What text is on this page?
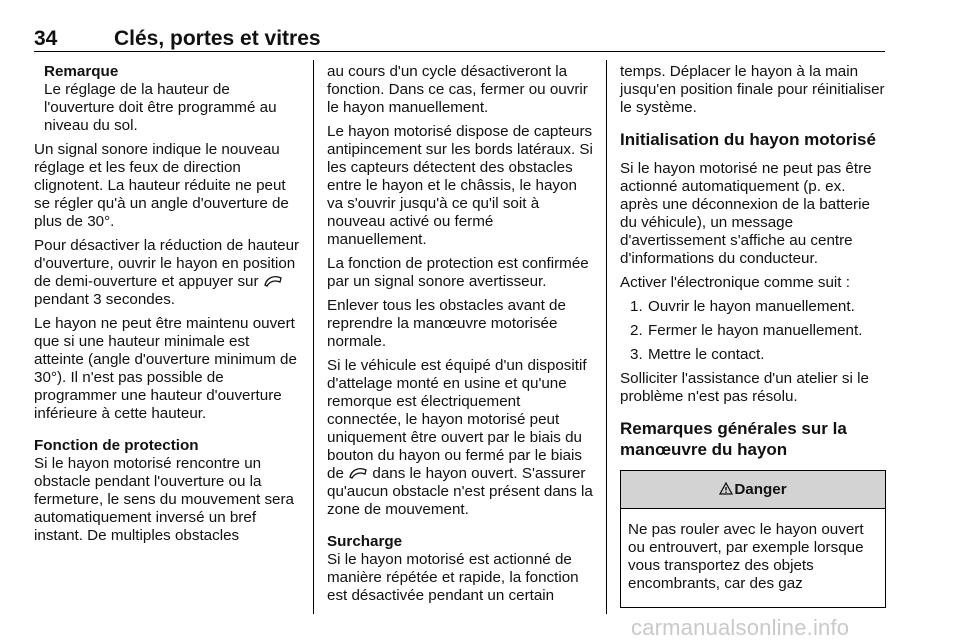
34	Clés, portes et vitres
Remarque
Le réglage de la hauteur de l'ouverture doit être programmé au niveau du sol.

Un signal sonore indique le nouveau réglage et les feux de direction clignotent. La hauteur réduite ne peut se régler qu'à un angle d'ouverture de plus de 30°.

Pour désactiver la réduction de hauteur d'ouverture, ouvrir le hayon en position de demi-ouverture et appuyer sur  pendant 3 secondes.

Le hayon ne peut être maintenu ouvert que si une hauteur minimale est atteinte (angle d'ouverture minimum de 30°). Il n'est pas possible de programmer une hauteur d'ouverture inférieure à cette hauteur.

Fonction de protection

Si le hayon motorisé rencontre un obstacle pendant l'ouverture ou la fermeture, le sens du mouvement sera automatiquement inversé un bref instant. De multiples obstacles

au cours d'un cycle désactiveront la fonction. Dans ce cas, fermer ou ouvrir le hayon manuellement.

Le hayon motorisé dispose de capteurs antipincement sur les bords latéraux. Si les capteurs détectent des obstacles entre le hayon et le châssis, le hayon va s'ouvrir jusqu'à ce qu'il soit à nouveau activé ou fermé manuellement.

La fonction de protection est confirmée par un signal sonore avertisseur.

Enlever tous les obstacles avant de reprendre la manœuvre motorisée normale.

Si le véhicule est équipé d'un dispositif d'attelage monté en usine et qu'une remorque est électriquement connectée, le hayon motorisé peut uniquement être ouvert par le biais du bouton du hayon ou fermé par le biais de dans le hayon ouvert. S'assurer qu'aucun obstacle n'est présent dans la zone de mouvement.

Surcharge

Si le hayon motorisé est actionné de manière répétée et rapide, la fonction est désactivée pendant un certain

temps. Déplacer le hayon à la main jusqu'en position finale pour réinitialiser le système.

Initialisation du hayon motorisé

Si le hayon motorisé ne peut pas être actionné automatiquement (p. ex. après une déconnexion de la batterie du véhicule), un message d'avertissement s'affiche au centre d'informations du conducteur.

Activer l'électronique comme suit :

1. Ouvrir le hayon manuellement.
2. Fermer le hayon manuellement.
3. Mettre le contact.

Solliciter l'assistance d'un atelier si le problème n'est pas résolu.

Remarques générales sur la manœuvre du hayon
Danger
Ne pas rouler avec le hayon ouvert ou entrouvert, par exemple lorsque vous transportez des objets encombrants, car des gaz
carmanualsonline.info
